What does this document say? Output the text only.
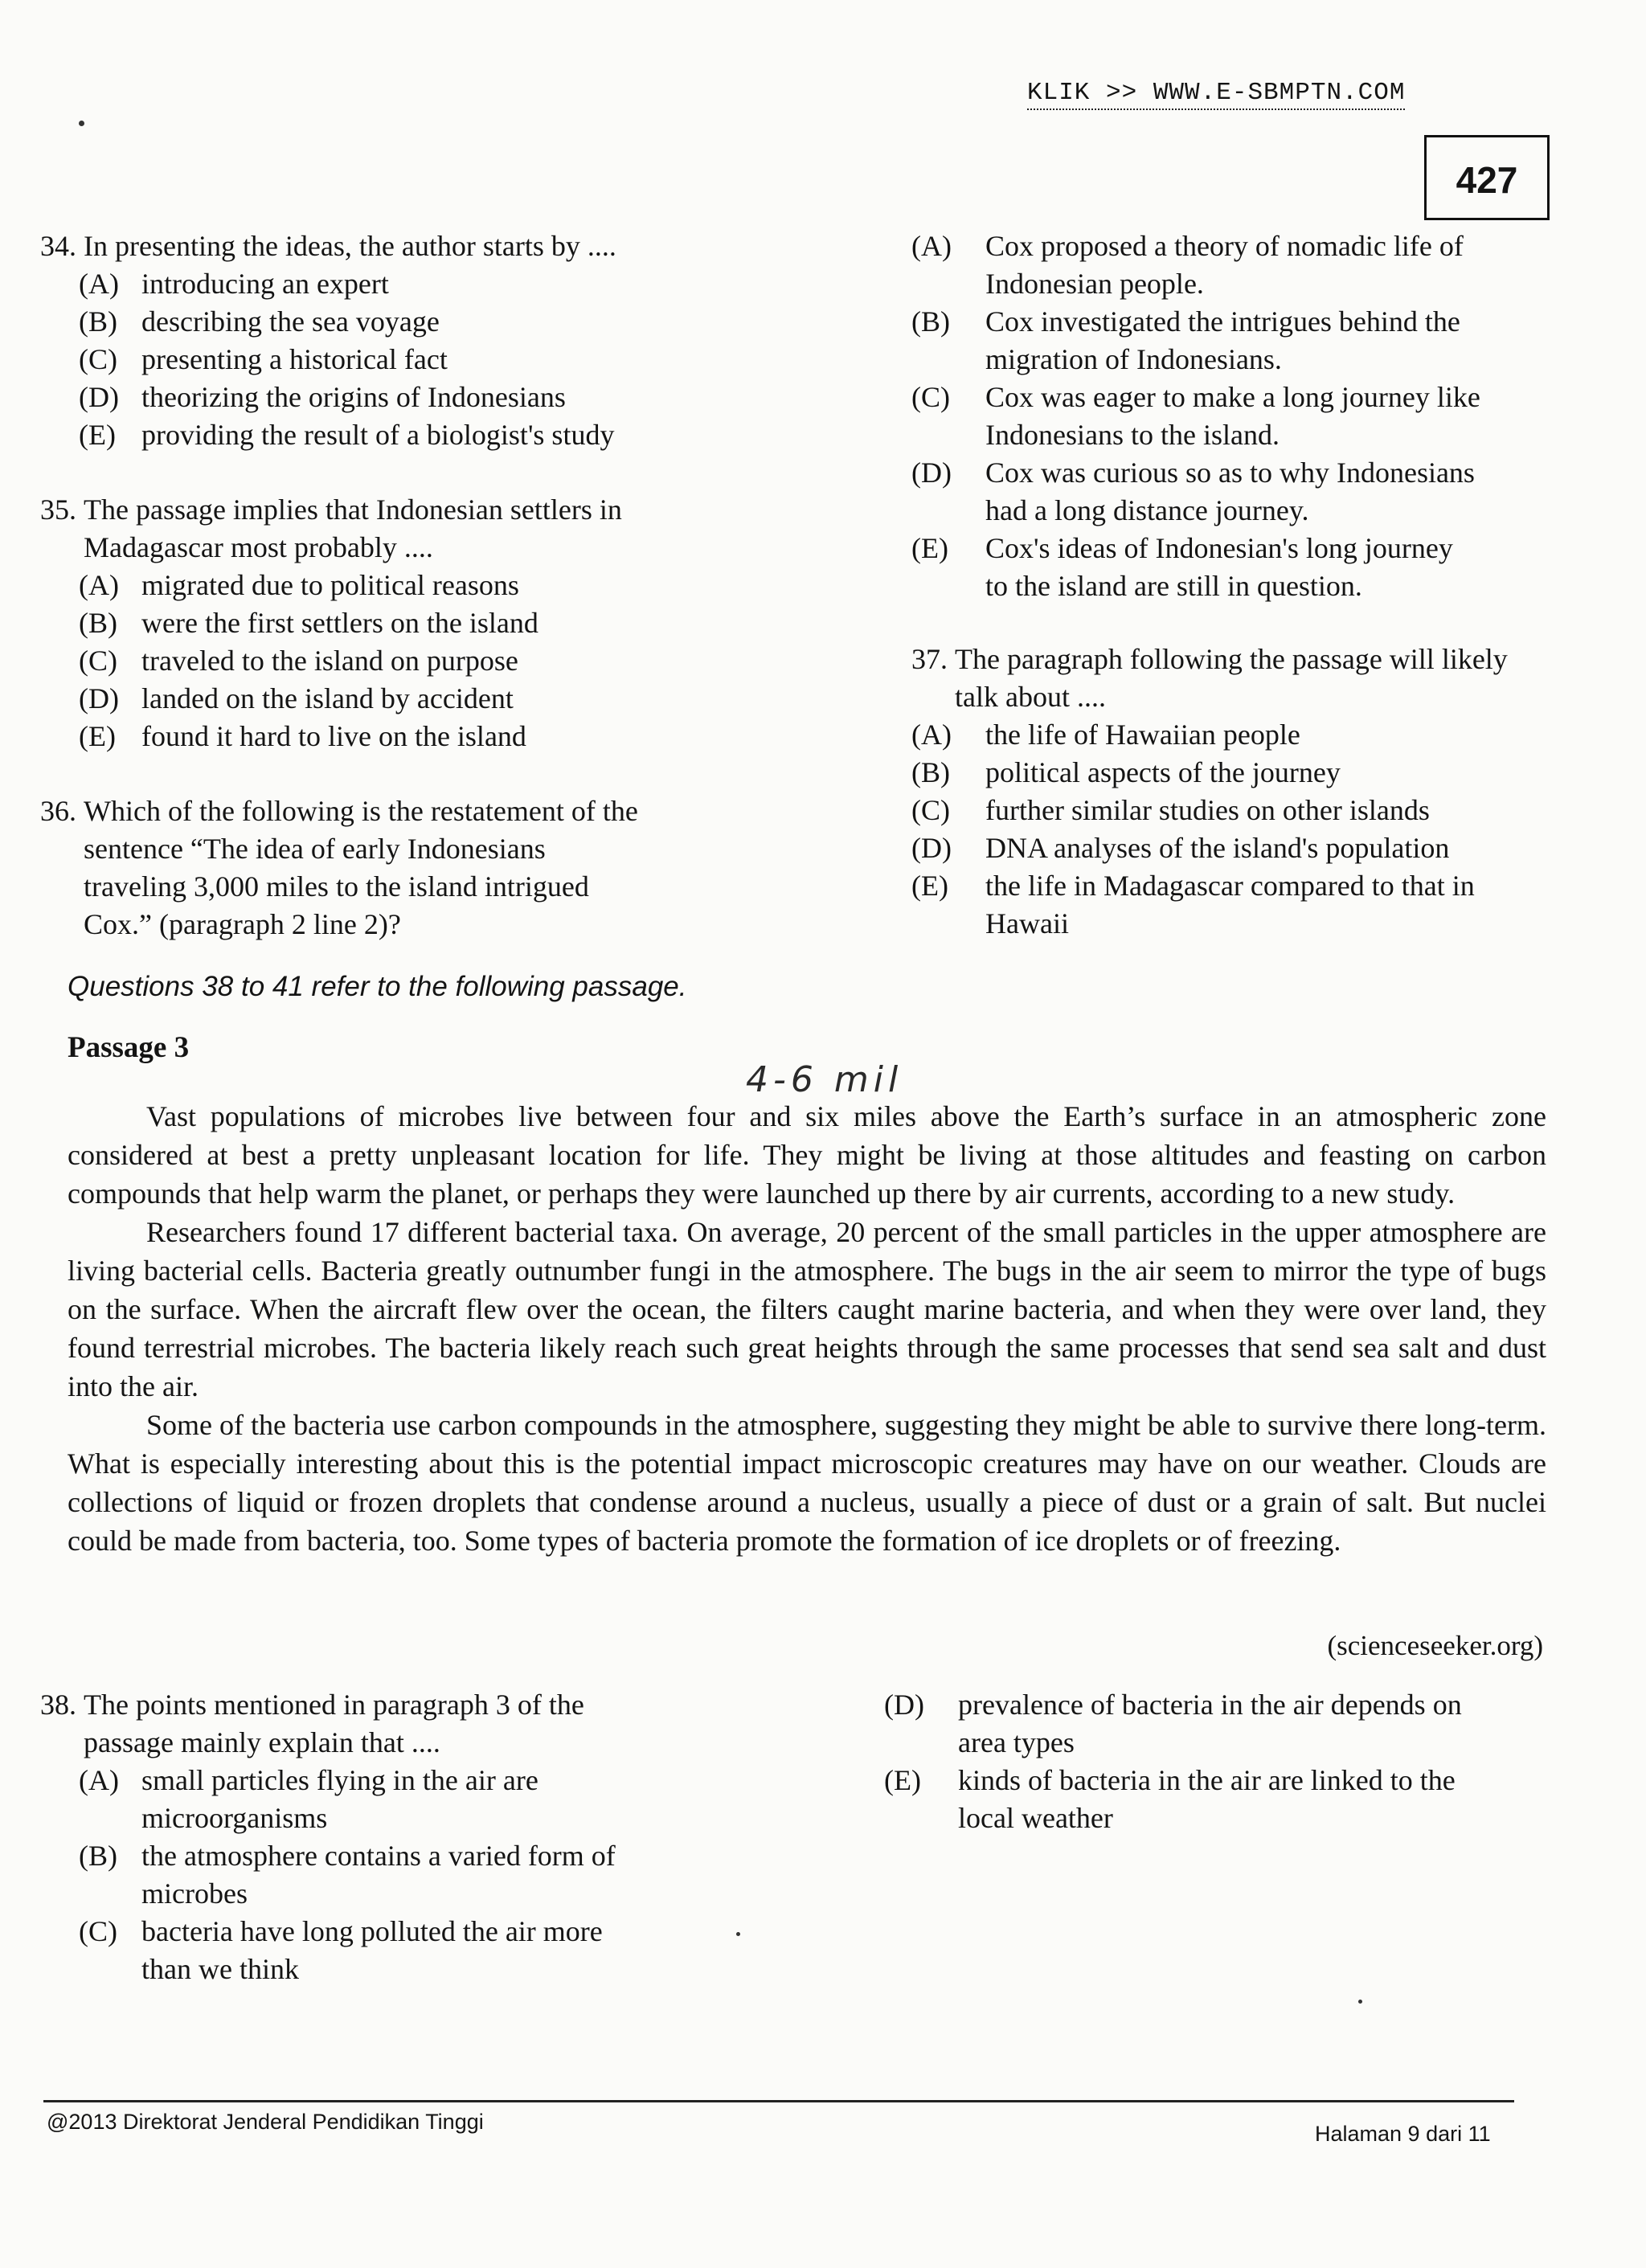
KLIK >> WWW.E-SBMPTN.COM
427
34. In presenting the ideas, the author starts by ....
(A) introducing an expert
(B) describing the sea voyage
(C) presenting a historical fact
(D) theorizing the origins of Indonesians
(E) providing the result of a biologist's study
35. The passage implies that Indonesian settlers in
Madagascar most probably ....
(A) migrated due to political reasons
(B) were the first settlers on the island
(C) traveled to the island on purpose
(D) landed on the island by accident
(E) found it hard to live on the island
36. Which of the following is the restatement of the
sentence “The idea of early Indonesians
traveling 3,000 miles to the island intrigued
Cox.” (paragraph 2 line 2)?
(A)	Cox proposed a theory of nomadic life of
Indonesian people.
(B)	Cox investigated the intrigues behind the
migration of Indonesians.
(C)	Cox was eager to make a long journey like
Indonesians to the island.
(D)	Cox was curious so as to why Indonesians
had a long distance journey.
(E)	Cox's ideas of Indonesian's long journey
to the island are still in question.
37. The paragraph following the passage will likely
talk about ....
(A)	the life of Hawaiian people
(B)	political aspects of the journey
(C)	further similar studies on other islands
(D)	DNA analyses of the island's population
(E)	the life in Madagascar compared to that in
Hawaii
Questions 38 to 41 refer to the following passage.
Passage 3
4-6 mil

Vast populations of microbes live between four and six miles above the Earth’s surface in an atmospheric zone considered at best a pretty unpleasant location for life. They might be living at those altitudes and feasting on carbon compounds that help warm the planet, or perhaps they were launched up there by air currents, according to a new study.

Researchers found 17 different bacterial taxa. On average, 20 percent of the small particles in the upper atmosphere are living bacterial cells. Bacteria greatly outnumber fungi in the atmosphere. The bugs in the air seem to mirror the type of bugs on the surface. When the aircraft flew over the ocean, the filters caught marine bacteria, and when they were over land, they found terrestrial microbes. The bacteria likely reach such great heights through the same processes that send sea salt and dust into the air.

Some of the bacteria use carbon compounds in the atmosphere, suggesting they might be able to survive there long-term. What is especially interesting about this is the potential impact microscopic creatures may have on our weather. Clouds are collections of liquid or frozen droplets that condense around a nucleus, usually a piece of dust or a grain of salt. But nuclei could be made from bacteria, too. Some types of bacteria promote the formation of ice droplets or of freezing.

(scienceseeker.org)
38. The points mentioned in paragraph 3 of the
passage mainly explain that ....
(A) small particles flying in the air are
microorganisms
(B) the atmosphere contains a varied form of
microbes
(C) bacteria have long polluted the air more
than we think
(D)	prevalence of bacteria in the air depends on
area types
(E)	kinds of bacteria in the air are linked to the
local weather
@2013 Direktorat Jenderal Pendidikan Tinggi	Halaman 9 dari 11
